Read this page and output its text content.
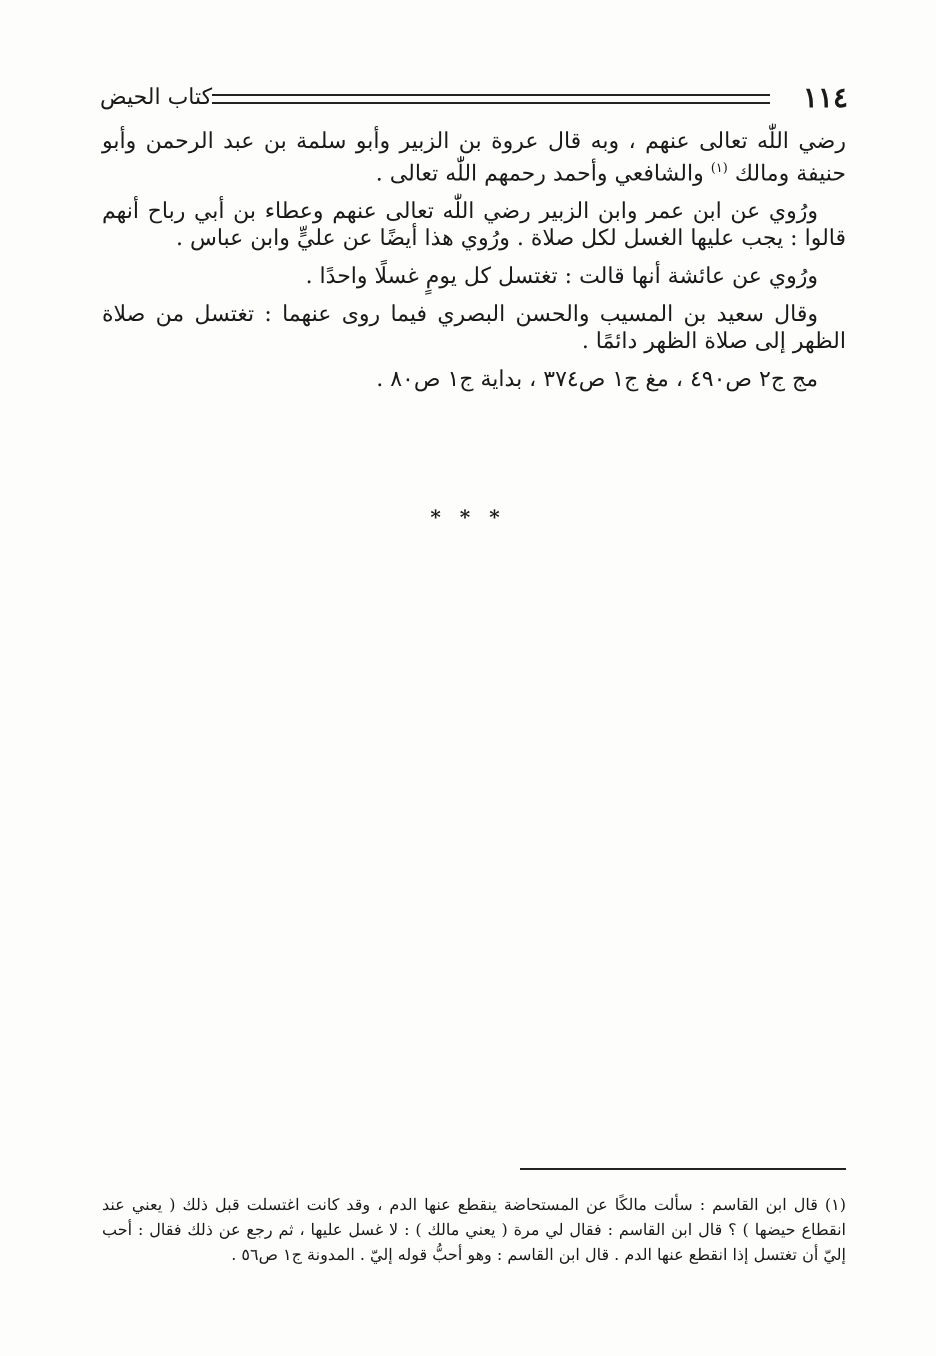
١١٤
كتاب الحيض

رضي اللّٰه تعالى عنهم ، وبه قال عروة بن الزبير وأبو سلمة بن عبد الرحمن وأبو حنيفة ومالك $^{(١)}$ والشافعي وأحمد رحمهم اللّٰه تعالى .

ورُوي عن ابن عمر وابن الزبير رضي اللّٰه تعالى عنهم وعطاء بن أبي رباح أنهم قالوا : يجب عليها الغسل لكل صلاة . ورُوي هذا أيضًا عن عليٍّ وابن عباس .

ورُوي عن عائشة أنها قالت : تغتسل كل يومٍ غسلًا واحدًا .

وقال سعيد بن المسيب والحسن البصري فيما روى عنهما : تغتسل من صلاة الظهر إلى صلاة الظهر دائمًا .

مج ج٢ ص٤٩٠ ، مغ ج١ ص٣٧٤ ، بداية ج١ ص٨٠ .

* * *
(١) قال ابن القاسم : سألت مالكًا عن المستحاضة ينقطع عنها الدم ، وقد كانت اغتسلت قبل ذلك ( يعني عند انقطاع حيضها ) ؟ قال ابن القاسم : فقال لي مرة ( يعني مالك ) : لا غسل عليها ، ثم رجع عن ذلك فقال : أحب إليّ أن تغتسل إذا انقطع عنها الدم . قال ابن القاسم : وهو أحبُّ قوله إليّ . المدونة ج١ ص٥٦ .
